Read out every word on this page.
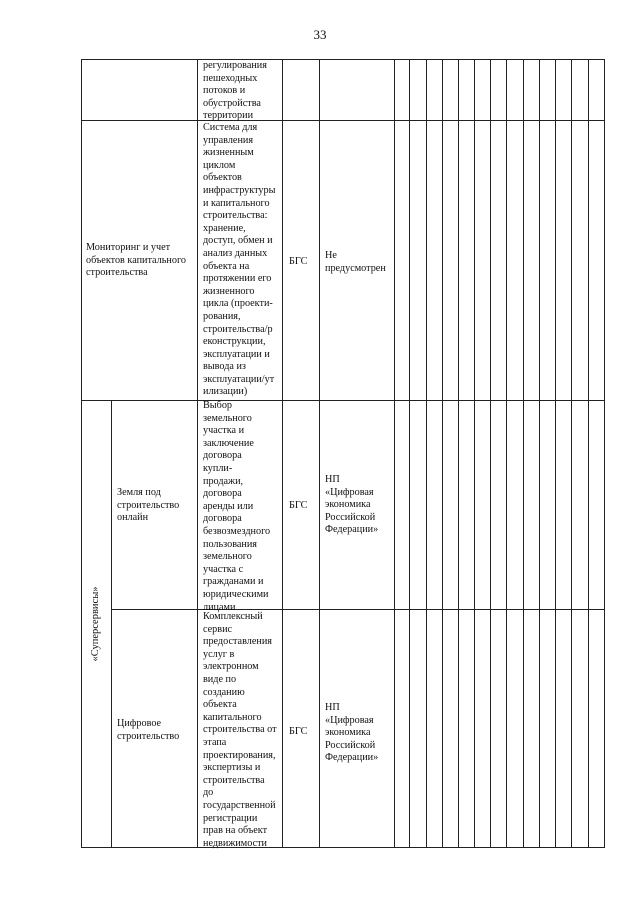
33
регулирования
пешеходных
потоков и
обустройства
территории
Мониторинг и учет
объектов капитального
строительства
Система для
управления
жизненным
циклом
объектов
инфраструктуры
и капитального
строительства:
хранение,
доступ, обмен и
анализ данных
объекта на
протяжении его
жизненного
цикла (проекти-
рования,
строительства/р
еконструкции,
эксплуатации и
вывода из
эксплуатации/ут
илизации)
БГС
Не
предусмотрен
«Суперсервисы»
Земля под
строительство
онлайн
Выбор
земельного
участка и
заключение
договора
купли-
продажи,
договора
аренды или
договора
безвозмездного
пользования
земельного
участка с
гражданами и
юридическими
лицами
БГС
НП
«Цифровая
экономика
Российской
Федерации»
Цифровое
строительство
Комплексный
сервис
предоставления
услуг в
электронном
виде по
созданию
объекта
капитального
строительства от
этапа
проектирования,
экспертизы и
строительства
до
государственной
регистрации
прав на объект
недвижимости
БГС
НП
«Цифровая
экономика
Российской
Федерации»
